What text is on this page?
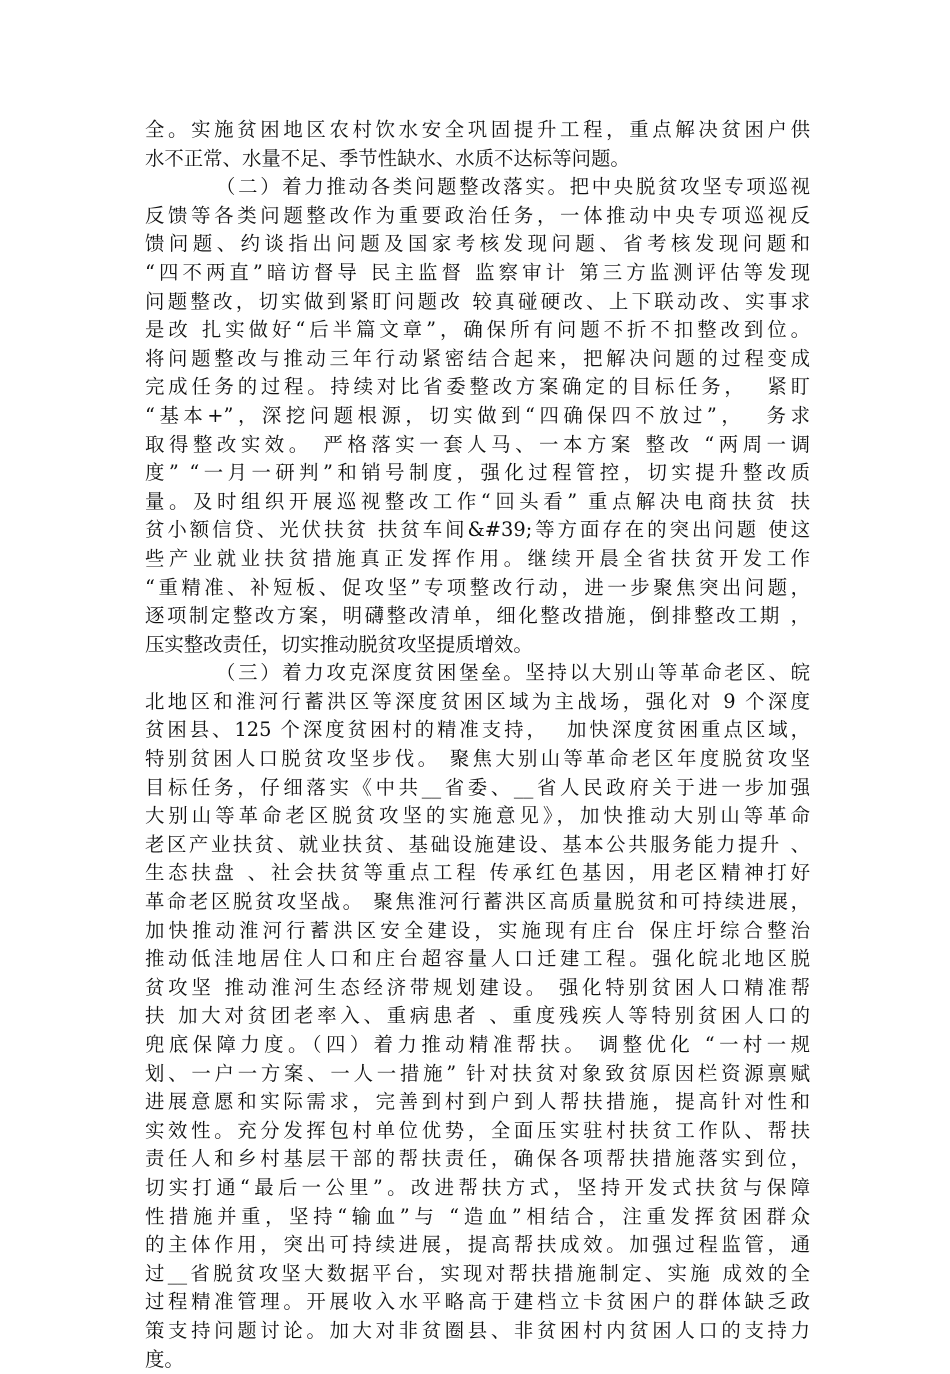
全。实施贫困地区农村饮水安全巩固提升工程，重点解决贫困户供
水不正常、水量不足、季节性缺水、水质不达标等问题。
（二）着力推动各类问题整改落实。把中央脱贫攻坚专项巡视
反馈等各类问题整改作为重要政治任务，一体推动中央专项巡视反
馈问题、约谈指出问题及国家考核发现问题、省考核发现问题和
“四不两直”暗访督导 民主监督 监察审计 第三方监测评估等发现
问题整改，切实做到紧盯问题改 较真碰硬改、上下联动改、实事求
是改 扎实做好“后半篇文章”，确保所有问题不折不扣整改到位。
将问题整改与推动三年行动紧密结合起来，把解决问题的过程变成
完成任务的过程。持续对比省委整改方案确定的目标任务，  紧盯
“基本+”，深挖问题根源，切实做到“四确保四不放过”，  务求
取得整改实效。 严格落实一套人马、一本方案 整改 “两周一调
度” “一月一研判”和销号制度，强化过程管控，切实提升整改质
量。及时组织开展巡视整改工作“回头看” 重点解决电商扶贫 扶
贫小额信贷、光伏扶贫 扶贫车间&#39;等方面存在的突出问题 使这
些产业就业扶贫措施真正发挥作用。继续开晨全省扶贫开发工作
“重精准、补短板、促攻坚”专项整改行动，进一步聚焦突出问题，
逐项制定整改方案，明礴整改清单，细化整改措施，倒排整改工期 ，
压实整改责任，切实推动脱贫攻坚提质增效。
（三）着力攻克深度贫困堡垒。坚持以大别山等革命老区、皖
北地区和淮河行蓄洪区等深度贫困区域为主战场，强化对 9 个深度
贫困县、125 个深度贫困村的精准支持，  加快深度贫困重点区域，
特别贫困人口脱贫攻坚步伐。 聚焦大别山等革命老区年度脱贫攻坚
目标任务，仔细落实《中共__省委、__省人民政府关于进一步加强
大别山等革命老区脱贫攻坚的实施意见》，加快推动大别山等革命
老区产业扶贫、就业扶贫、基础设施建设、基本公共服务能力提升 、
生态扶盘 、社会扶贫等重点工程 传承红色基因，用老区精神打好
革命老区脱贫攻坚战。 聚焦淮河行蓄洪区高质量脱贫和可持续进展，
加快推动淮河行蓄洪区安全建设，实施现有庄台 保庄圩综合整治
推动低洼地居住人口和庄台超容量人口迁建工程。强化皖北地区脱
贫攻坚 推动淮河生态经济带规划建设。 强化特别贫困人口精准帮
扶 加大对贫团老率入、重病患者 、重度残疾人等特别贫困人口的
兜底保障力度。（四）着力推动精准帮扶。 调整优化 “一村一规
划、一户一方案、一人一措施” 针对扶贫对象致贫原因栏资源禀赋
进展意愿和实际需求，完善到村到户到人帮扶措施，提高针对性和
实效性。充分发挥包村单位优势，全面压实驻村扶贫工作队、帮扶
责任人和乡村基层干部的帮扶责任，确保各项帮扶措施落实到位，
切实打通“最后一公里”。改进帮扶方式，坚持开发式扶贫与保障
性措施并重，坚持“输血”与 “造血”相结合，注重发挥贫困群众
的主体作用，突出可持续进展，提高帮扶成效。加强过程监管，通
过__省脱贫攻坚大数据平台，实现对帮扶措施制定、实施 成效的全
过程精准管理。开展收入水平略高于建档立卡贫困户的群体缺乏政
策支持问题讨论。加大对非贫圈县、非贫困村内贫困人口的支持力
度。
